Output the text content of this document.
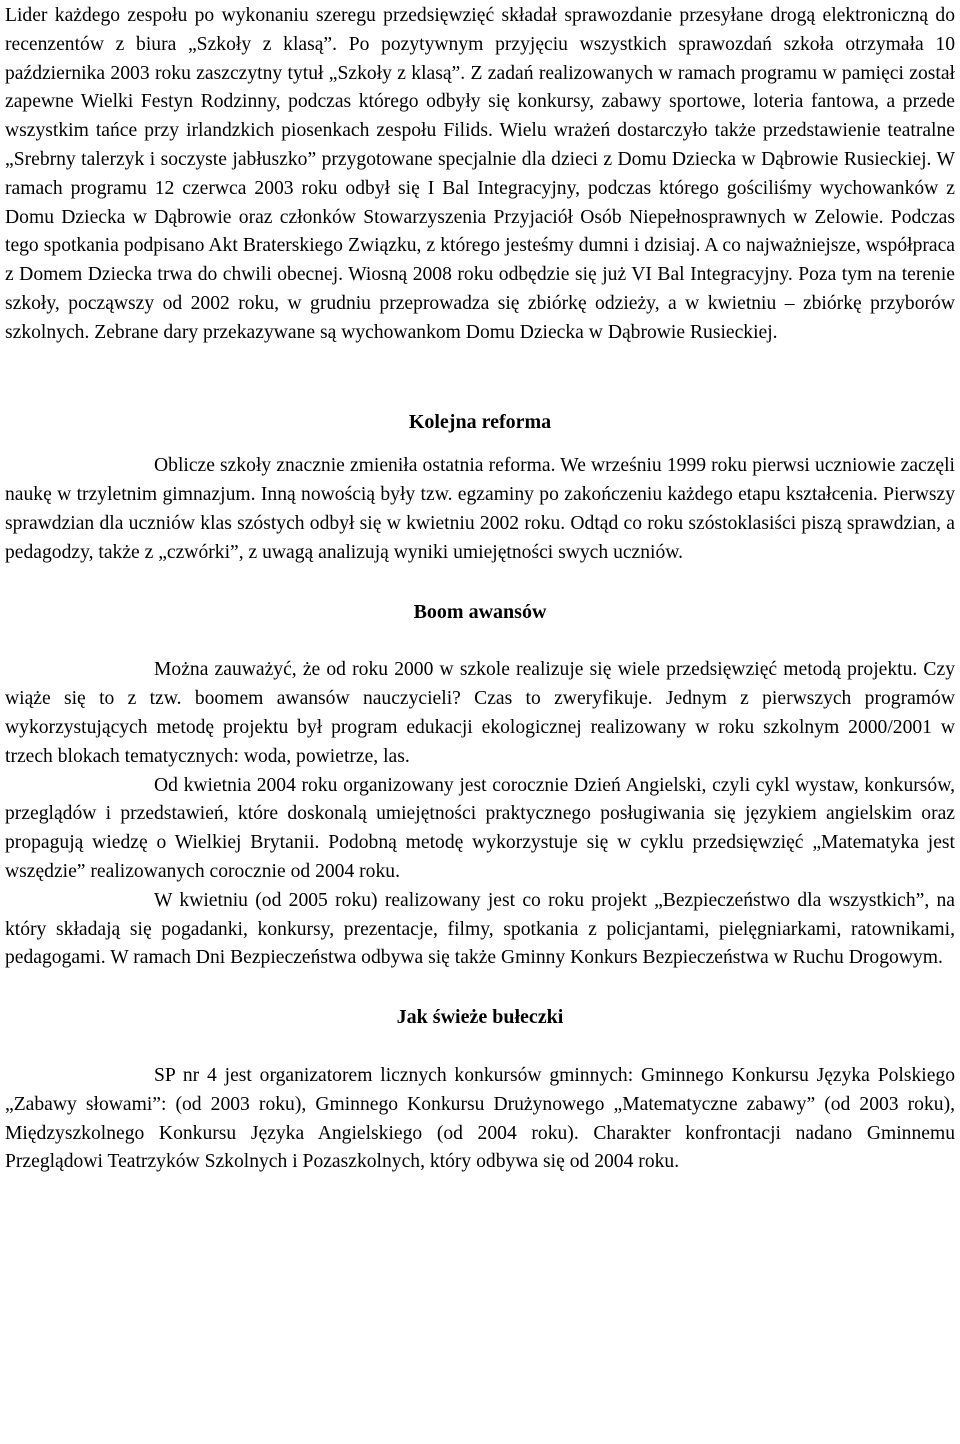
Lider każdego zespołu po wykonaniu szeregu przedsięwzięć składał sprawozdanie przesyłane drogą elektroniczną do recenzentów z biura „Szkoły z klasą”. Po pozytywnym przyjęciu wszystkich sprawozdań szkoła otrzymała 10 października 2003 roku zaszczytny tytuł „Szkoły z klasą”. Z zadań realizowanych w ramach programu w pamięci został zapewne Wielki Festyn Rodzinny, podczas którego odbyły się konkursy, zabawy sportowe, loteria fantowa, a przede wszystkim tańce przy irlandzkich piosenkach zespołu Filids. Wielu wrażeń dostarczyło także przedstawienie teatralne „Srebrny talerzyk i soczyste jabłuszko” przygotowane specjalnie dla dzieci z Domu Dziecka w Dąbrowie Rusieckiej. W ramach programu 12 czerwca 2003 roku odbył się I Bal Integracyjny, podczas którego gościliśmy wychowanków z Domu Dziecka w Dąbrowie oraz członków Stowarzyszenia Przyjaciół Osób Niepełnosprawnych w Zelowie. Podczas tego spotkania podpisano Akt Braterskiego Związku, z którego jesteśmy dumni i dzisiaj. A co najważniejsze, współpraca z Domem Dziecka trwa do chwili obecnej. Wiosną 2008 roku odbędzie się już VI Bal Integracyjny. Poza tym na terenie szkoły, począwszy od 2002 roku, w grudniu przeprowadza się zbiórkę odzieży, a w kwietniu – zbiórkę przyborów szkolnych. Zebrane dary przekazywane są wychowankom Domu Dziecka w Dąbrowie Rusieckiej.

Kolejna reforma

Oblicze szkoły znacznie zmieniła ostatnia reforma. We wrześniu 1999 roku pierwsi uczniowie zaczęli naukę w trzyletnim gimnazjum. Inną nowością były tzw. egzaminy po zakończeniu każdego etapu kształcenia. Pierwszy sprawdzian dla uczniów klas szóstych odbył się w kwietniu 2002 roku. Odtąd co roku szóstoklasiści piszą sprawdzian, a pedagodzy, także z „czwórki”, z uwagą analizują wyniki umiejętności swych uczniów.

Boom awansów

Można zauważyć, że od roku 2000 w szkole realizuje się wiele przedsięwzięć metodą projektu. Czy wiąże się to z tzw. boomem awansów nauczycieli? Czas to zweryfikuje. Jednym z pierwszych programów wykorzystujących metodę projektu był program edukacji ekologicznej realizowany w roku szkolnym 2000/2001 w trzech blokach tematycznych: woda, powietrze, las.

Od kwietnia 2004 roku organizowany jest corocznie Dzień Angielski, czyli cykl wystaw, konkursów, przeglądów i przedstawień, które doskonalą umiejętności praktycznego posługiwania się językiem angielskim oraz propagują wiedzę o Wielkiej Brytanii. Podobną metodę wykorzystuje się w cyklu przedsięwzięć „Matematyka jest wszędzie” realizowanych corocznie od 2004 roku.

W kwietniu (od 2005 roku) realizowany jest co roku projekt „Bezpieczeństwo dla wszystkich”, na który składają się pogadanki, konkursy, prezentacje, filmy, spotkania z policjantami, pielęgniarkami, ratownikami, pedagogami. W ramach Dni Bezpieczeństwa odbywa się także Gminny Konkurs Bezpieczeństwa w Ruchu Drogowym.

Jak świeże bułeczki

SP nr 4 jest organizatorem licznych konkursów gminnych: Gminnego Konkursu Języka Polskiego „Zabawy słowami”: (od 2003 roku), Gminnego Konkursu Drużynowego „Matematyczne zabawy” (od 2003 roku), Międzyszkolnego Konkursu Języka Angielskiego (od 2004 roku). Charakter konfrontacji nadano Gminnemu Przeglądowi Teatrzyków Szkolnych i Pozaszkolnych, który odbywa się od 2004 roku.
